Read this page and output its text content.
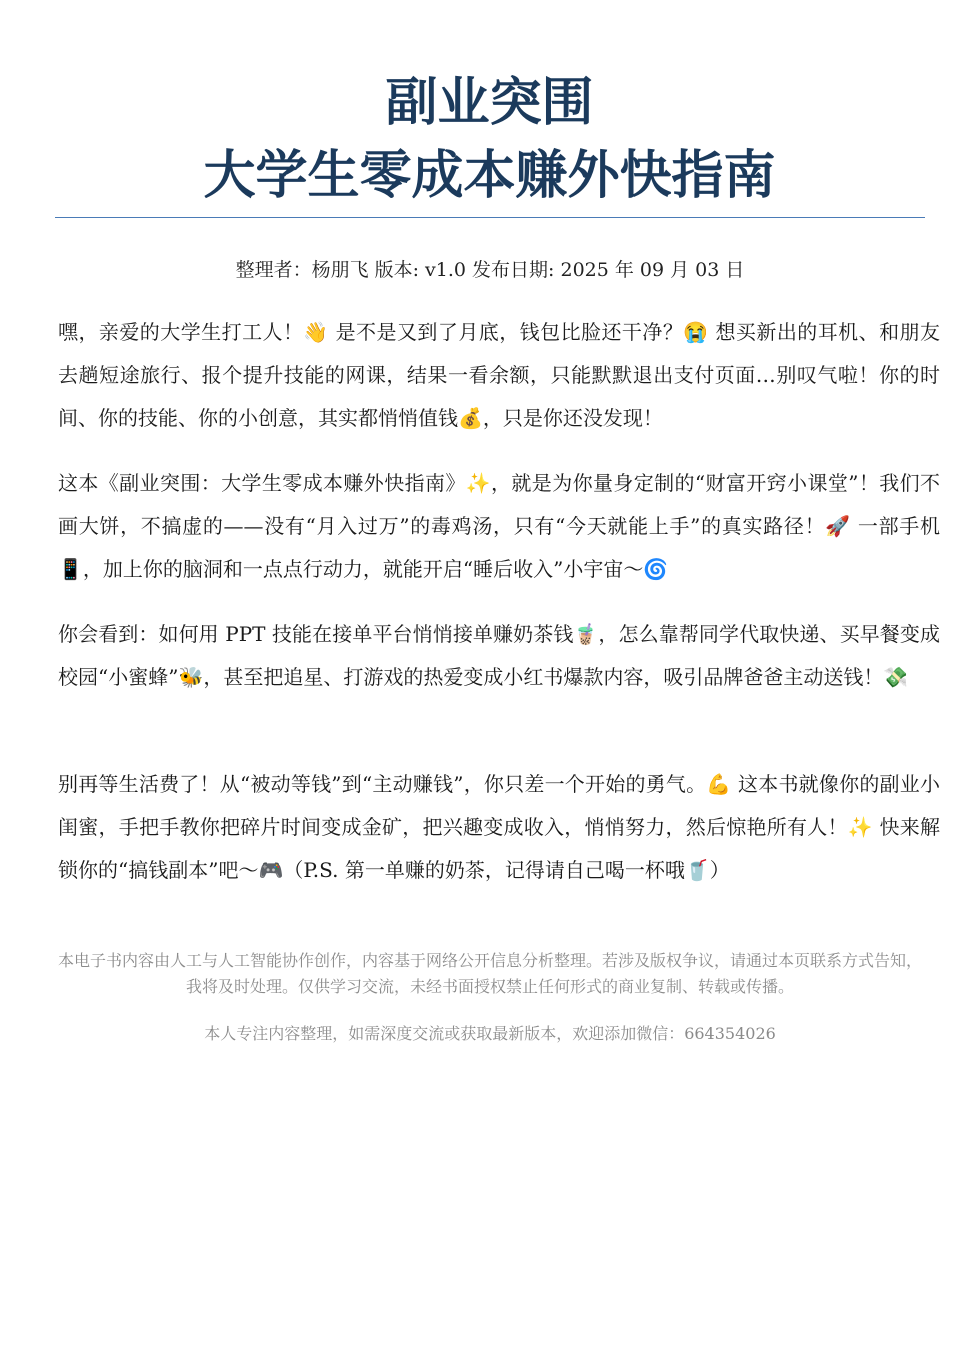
副业突围
大学生零成本赚外快指南
整理者：杨朋飞 版本: v1.0 发布日期: 2025 年 09 月 03 日

嘿，亲爱的大学生打工人！👋 是不是又到了月底，钱包比脸还干净？😭 想买新出的耳机、和朋友去趟短途旅行、报个提升技能的网课，结果一看余额，只能默默退出支付页面…别叹气啦！你的时间、你的技能、你的小创意，其实都悄悄值钱💰，只是你还没发现！

这本《副业突围：大学生零成本赚外快指南》✨，就是为你量身定制的“财富开窍小课堂”！我们不画大饼，不搞虚的——没有“月入过万”的毒鸡汤，只有“今天就能上手”的真实路径！🚀 一部手机📱，加上你的脑洞和一点点行动力，就能开启“睡后收入”小宇宙～🌀

你会看到：如何用 PPT 技能在接单平台悄悄接单赚奶茶钱🧋，怎么靠帮同学代取快递、买早餐变成校园“小蜜蜂”🐝，甚至把追星、打游戏的热爱变成小红书爆款内容，吸引品牌爸爸主动送钱！💸

别再等生活费了！从“被动等钱”到“主动赚钱”，你只差一个开始的勇气。💪 这本书就像你的副业小闺蜜，手把手教你把碎片时间变成金矿，把兴趣变成收入，悄悄努力，然后惊艳所有人！✨ 快来解锁你的“搞钱副本”吧～🎮（P.S. 第一单赚的奶茶，记得请自己喝一杯哦🥤）

本电子书内容由人工与人工智能协作创作，内容基于网络公开信息分析整理。若涉及版权争议，请通过本页联系方式告知，我将及时处理。仅供学习交流，未经书面授权禁止任何形式的商业复制、转载或传播。

本人专注内容整理，如需深度交流或获取最新版本，欢迎添加微信：664354026
